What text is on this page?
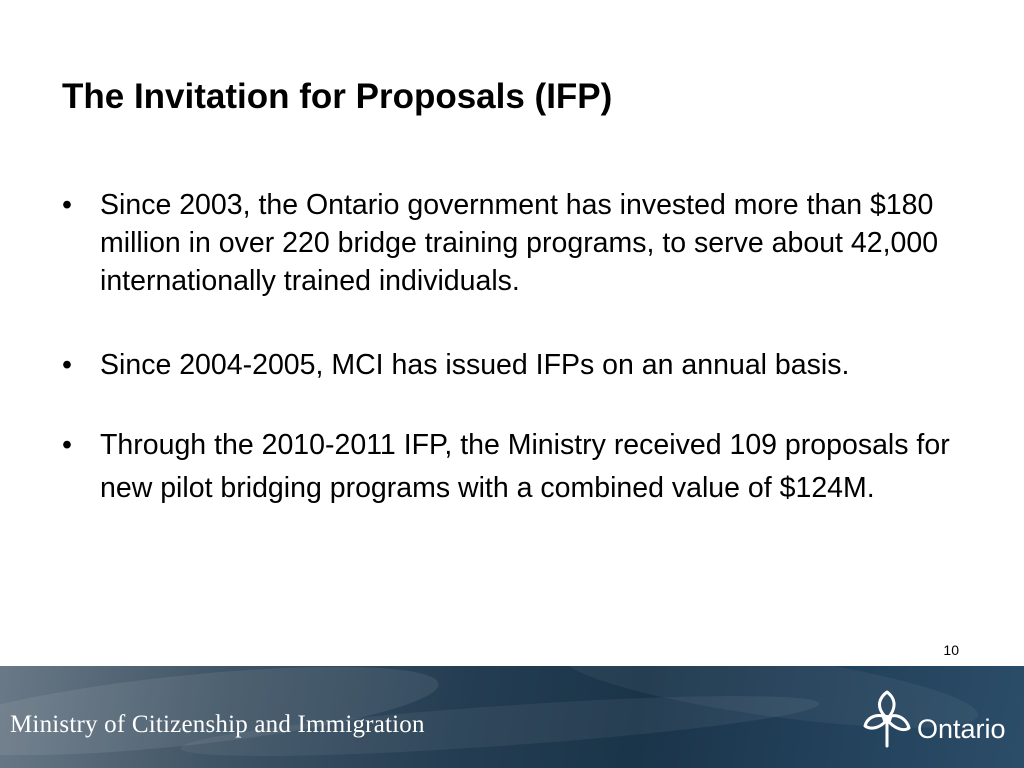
The Invitation for Proposals (IFP)
• Since 2003, the Ontario government has invested more than $180 million in over 220 bridge training programs, to serve about 42,000 internationally trained individuals.
• Since 2004-2005, MCI has issued IFPs on an annual basis.
• Through the 2010-2011 IFP, the Ministry received 109 proposals for new pilot bridging programs with a combined value of $124M.
10
Ministry of Citizenship and Immigration	Ontario
